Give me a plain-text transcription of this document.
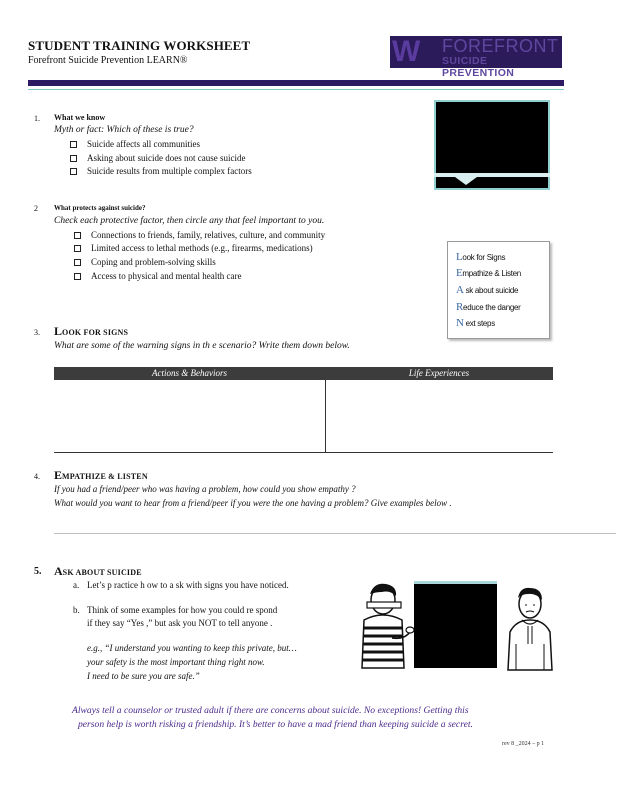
STUDENT TRAINING WORKSHEET
Forefront Suicide Prevention LEARN®	W FOREFRONT
SUICIDE PREVENTION
1. What we know
Myth or fact: Which of these is true?
Suicide affects all communities
Asking about suicide does not cause suicide
Suicide results from multiple complex factors
2 What protects against suicide?
Check each protective factor, then circle any that feel important to you.
Connections to friends, family, relatives, culture, and community
Limited access to lethal methods (e.g., firearms, medications)
Coping and problem-solving skills
Access to physical and mental health care
Look for Signs
Empathize & Listen
A sk about suicide
Reduce the danger
N ext steps
3. LOOK FOR SIGNS
What are some of the warning signs in th e scenario? Write them down below.
Actions & Behaviors	Life Experiences
4. EMPATHIZE & LISTEN
If you had a friend/peer who was having a problem, how could you show empathy ?
What would you want to hear from a friend/peer if you were the one having a problem? Give examples below .
5. ASK ABOUT SUICIDE
a. Let’s p ractice h ow to a sk with signs you have noticed.
b. Think of some examples for how you could re spond
if they say “Yes ,” but ask you NOT to tell anyone .
e.g., “I understand you wanting to keep this private, but…
your safety is the most important thing right now.
I need to be sure you are safe.”
Always tell a counselor or trusted adult if there are concerns about suicide. No exceptions! Getting this
person help is worth risking a friendship. It’s better to have a mad friend than keeping suicide a secret.
rev 8 _2024 – p 1
